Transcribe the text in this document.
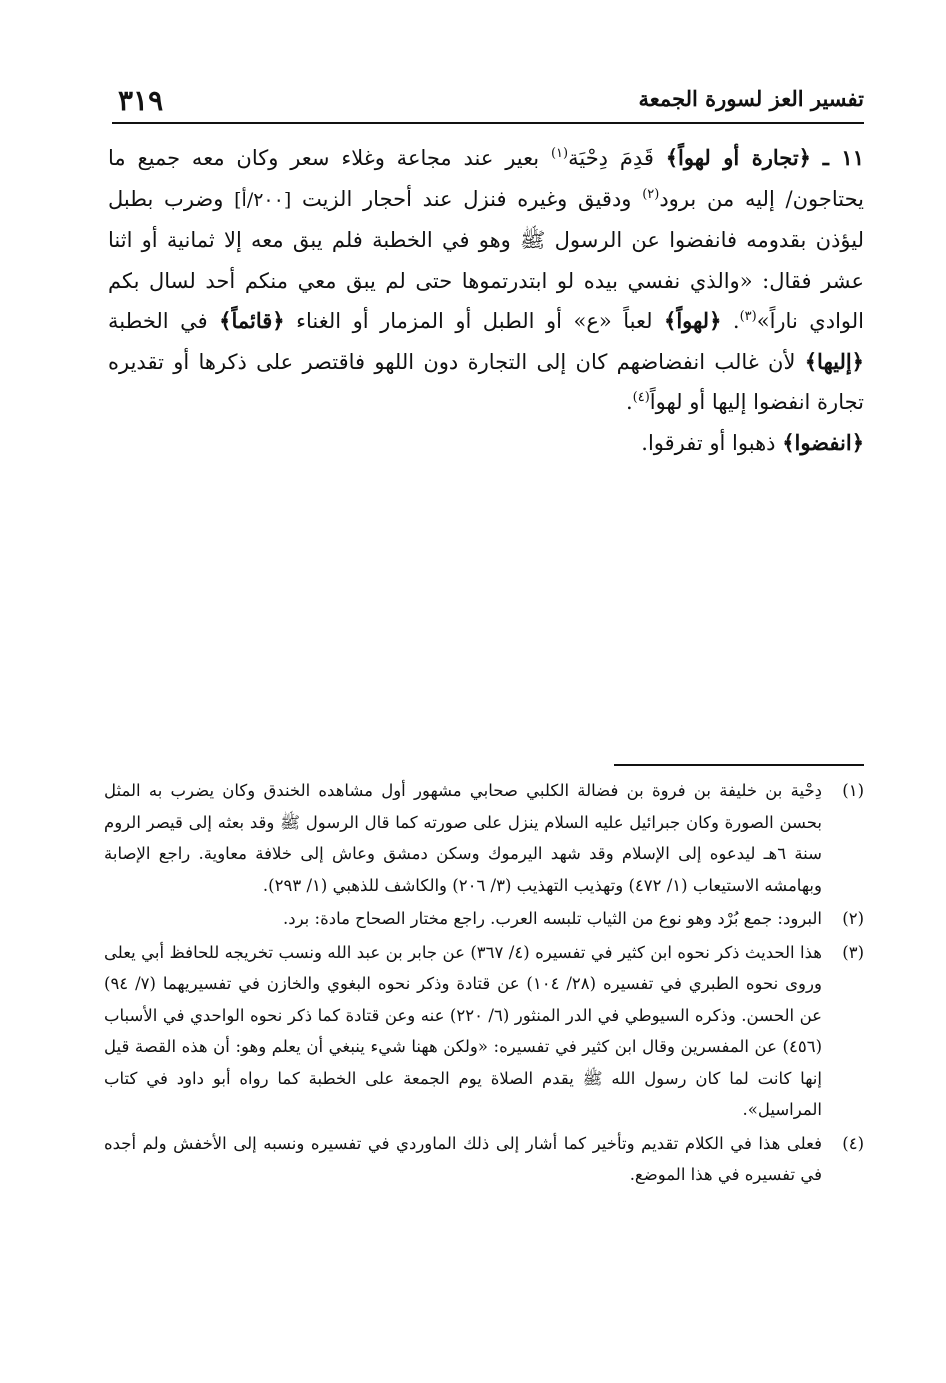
٣١٩	تفسير العز لسورة الجمعة

١١ ـ ﴿تجارة أو لهواً﴾ قَدِمَ دِحْيَة$^{(١)}$ بعير عند مجاعة وغلاء سعر وكان معه جميع ما يحتاجون/ إليه من برود$^{(٢)}$ ودقيق وغيره فنزل عند أحجار الزيت [٢٠٠/أ] وضرب بطبل ليؤذن بقدومه فانفضوا عن الرسول ﷺ وهو في الخطبة فلم يبق معه إلا ثمانية أو اثنا عشر فقال: «والذي نفسي بيده لو ابتدرتموها حتى لم يبق معي منكم أحد لسال بكم الوادي ناراً»$^{(٣)}$. ﴿لهواً﴾ لعباً «ع» أو الطبل أو المزمار أو الغناء ﴿قائماً﴾ في الخطبة ﴿إليها﴾ لأن غالب انفضاضهم كان إلى التجارة دون اللهو فاقتصر على ذكرها أو تقديره تجارة انفضوا إليها أو لهواً$^{(٤)}$.

﴿انفضوا﴾ ذهبوا أو تفرقوا.

(١)
دِحْية بن خليفة بن فروة بن فضالة الكلبي صحابي مشهور أول مشاهده الخندق وكان يضرب به المثل بحسن الصورة وكان جبرائيل عليه السلام ينزل على صورته كما قال الرسول ﷺ وقد بعثه إلى قيصر الروم سنة ٦هـ ليدعوه إلى الإسلام وقد شهد اليرموك وسكن دمشق وعاش إلى خلافة معاوية. راجع الإصابة وبهامشه الاستيعاب (١/ ٤٧٢) وتهذيب التهذيب (٣/ ٢٠٦) والكاشف للذهبي (١/ ٢٩٣).
(٢)
البرود: جمع بُرْد وهو نوع من الثياب تلبسه العرب. راجع مختار الصحاح مادة: برد.
(٣)
هذا الحديث ذكر نحوه ابن كثير في تفسيره (٤/ ٣٦٧) عن جابر بن عبد الله ونسب تخريجه للحافظ أبي يعلى وروى نحوه الطبري في تفسيره (٢٨/ ١٠٤) عن قتادة وذكر نحوه البغوي والخازن في تفسيريهما (٧/ ٩٤) عن الحسن. وذكره السيوطي في الدر المنثور (٦/ ٢٢٠) عنه وعن قتادة كما ذكر نحوه الواحدي في الأسباب (٤٥٦) عن المفسرين وقال ابن كثير في تفسيره: «ولكن ههنا شيء ينبغي أن يعلم وهو: أن هذه القصة قيل إنها كانت لما كان رسول الله ﷺ يقدم الصلاة يوم الجمعة على الخطبة كما رواه أبو داود في كتاب المراسيل».
(٤)
فعلى هذا في الكلام تقديم وتأخير كما أشار إلى ذلك الماوردي في تفسيره ونسبه إلى الأخفش ولم أجده في تفسيره في هذا الموضع.
